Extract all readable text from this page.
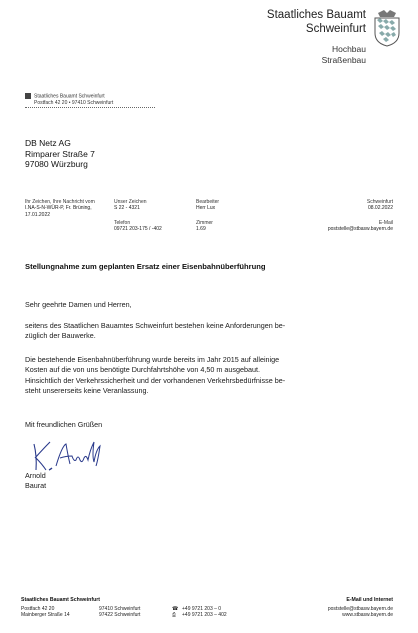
Staatliches Bauamt
Schweinfurt
Hochbau
Straßenbau
Staatliches Bauamt Schweinfurt
Postfach 42 20 • 97410 Schweinfurt
DB Netz AG
Rimparer Straße 7
97080 Würzburg
Ihr Zeichen, Ihre Nachricht vom
I.NA-S-N-WÜR-P, Fr. Brüning,
17.01.2022
Unser Zeichen
S 22 - 4321
Bearbeiter
Herr Lux
Schweinfurt
08.02.2022
Telefon
09721 203-175 / -402
Zimmer
1.69
E-Mail
poststelle@stbasw.bayern.de
Stellungnahme zum geplanten Ersatz einer Eisenbahnüberführung
Sehr geehrte Damen und Herren,
seitens des Staatlichen Bauamtes Schweinfurt bestehen keine Anforderungen be-
züglich der Bauwerke.
Die bestehende Eisenbahnüberführung wurde bereits im Jahr 2015 auf alleinige
Kosten auf die von uns benötigte Durchfahrtshöhe von 4,50 m ausgebaut.
Hinsichtlich der Verkehrssicherheit und der vorhandenen Verkehrsbedürfnisse be-
steht unsererseits keine Veranlassung.
Mit freundlichen Grüßen
Arnold
Baurat
Staatliches Bauamt Schweinfurt
Postfach 42 20
Mainberger Straße 14
97410 Schweinfurt
97422 Schweinfurt
☎ +49 9721 203 – 0
⎙ +49 9721 203 – 402
E-Mail und Internet
poststelle@stbasw.bayern.de
www.stbasw.bayern.de
